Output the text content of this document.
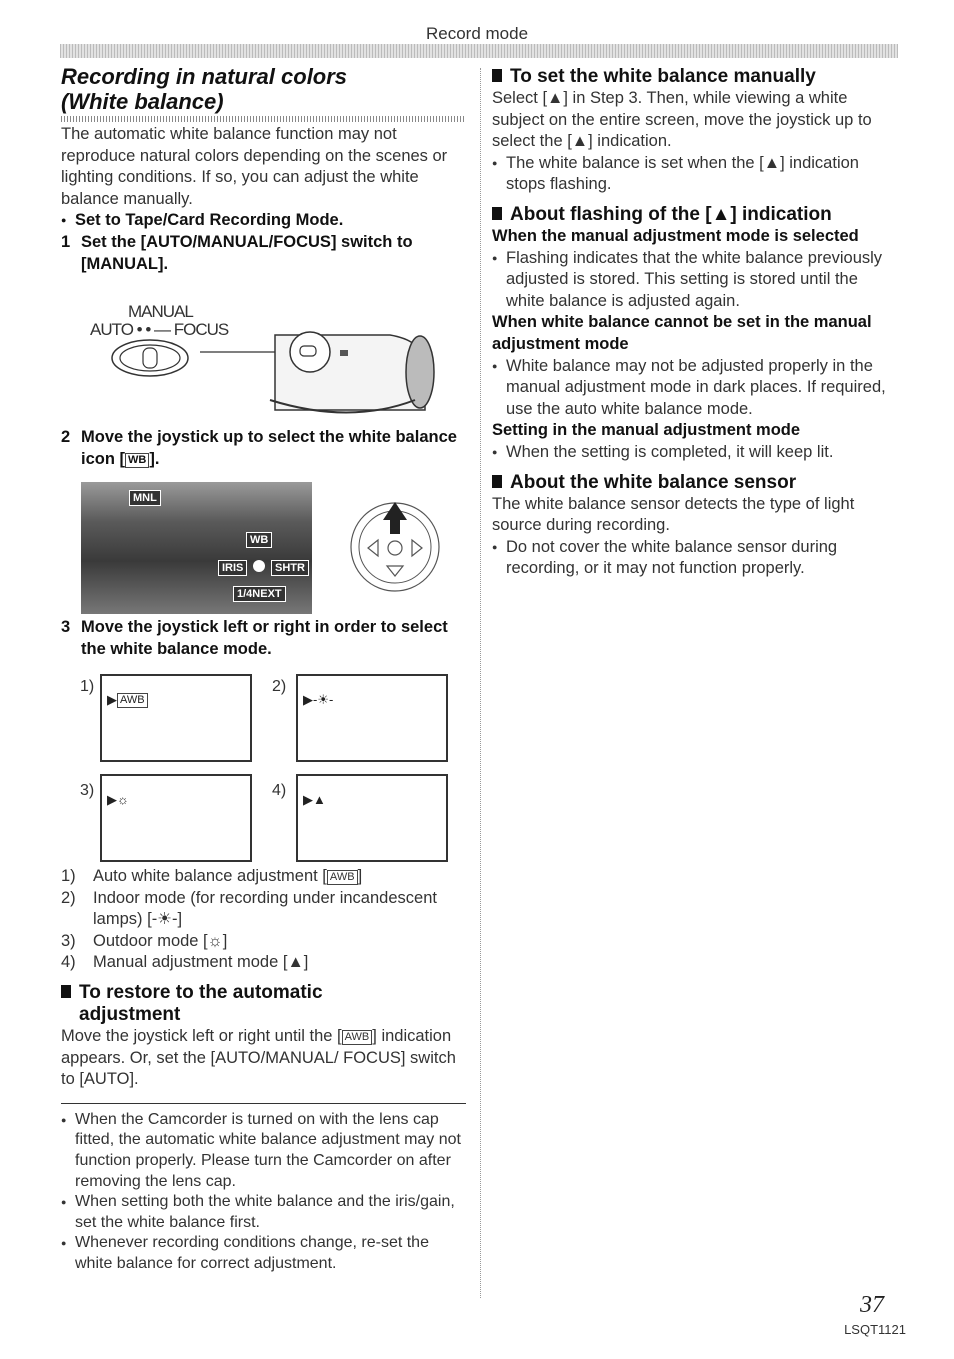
Record mode
Recording in natural colors
(White balance)
The automatic white balance function may not reproduce natural colors depending on the scenes or lighting conditions. If so, you can adjust the white balance manually.
● Set to Tape/Card Recording Mode.
1 Set the [AUTO/MANUAL/FOCUS] switch to [MANUAL].
MANUAL
AUTO • • — FOCUS
2 Move the joystick up to select the white balance icon [ WB ].
MNL
WB
IRIS	SHTR
1/4NEXT
3 Move the joystick left or right in order to select the white balance mode.
1)
▶ AWB
2)
▶-☀-
3)
▶☼
4)
▶▲
1) Auto white balance adjustment [ AWB ]
2) Indoor mode (for recording under incandescent lamps) [-☀-]
3) Outdoor mode [☼]
4) Manual adjustment mode [▲]
To restore to the automatic
adjustment
Move the joystick left or right until the [ AWB ] indication appears. Or, set the [AUTO/MANUAL/ FOCUS] switch to [AUTO].
● When the Camcorder is turned on with the lens cap fitted, the automatic white balance adjustment may not function properly. Please turn the Camcorder on after removing the lens cap.
● When setting both the white balance and the iris/gain, set the white balance first.
● Whenever recording conditions change, re-set the white balance for correct adjustment.
To set the white balance manually
Select [▲] in Step 3. Then, while viewing a white subject on the entire screen, move the joystick up to select the [▲] indication.
● The white balance is set when the [▲] indication stops flashing.
About flashing of the [▲] indication
When the manual adjustment mode is selected
● Flashing indicates that the white balance previously adjusted is stored. This setting is stored until the white balance is adjusted again.
When white balance cannot be set in the manual adjustment mode
● White balance may not be adjusted properly in the manual adjustment mode in dark places. If required, use the auto white balance mode.
Setting in the manual adjustment mode
● When the setting is completed, it will keep lit.
About the white balance sensor
The white balance sensor detects the type of light source during recording.
● Do not cover the white balance sensor during recording, or it may not function properly.
37
LSQT1121
